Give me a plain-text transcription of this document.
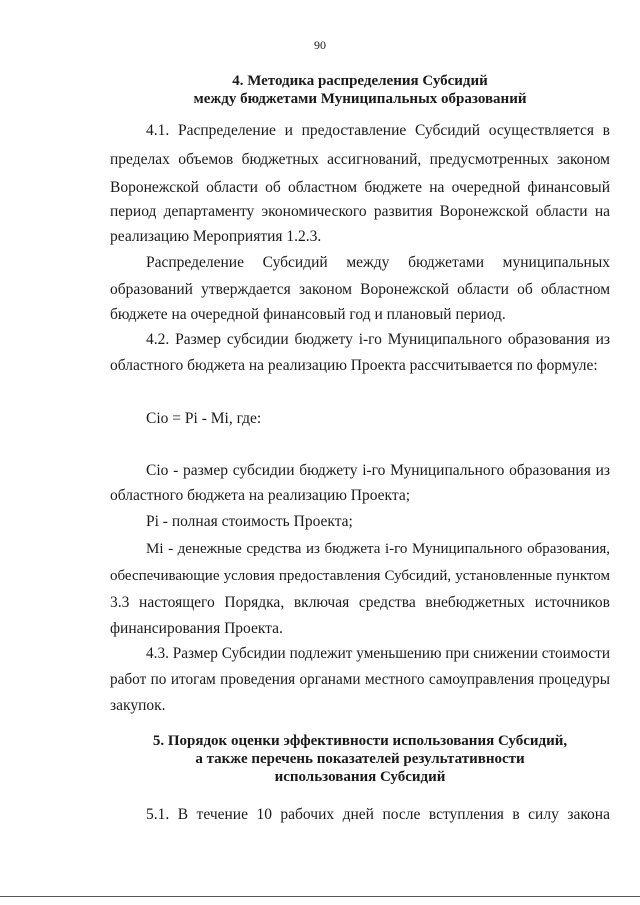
90
4. Методика распределения Субсидий
между бюджетами Муниципальных образований
4.1. Распределение и предоставление Субсидий осуществляется в
пределах объемов бюджетных ассигнований, предусмотренных законом
Воронежской области об областном бюджете на очередной финансовый
период департаменту экономического развития Воронежской области на
реализацию Мероприятия 1.2.3.
Распределение Субсидий между бюджетами муниципальных
образований утверждается законом Воронежской области об областном
бюджете на очередной финансовый год и плановый период.
4.2. Размер субсидии бюджету i-го Муниципального образования из
областного бюджета на реализацию Проекта рассчитывается по формуле:
Сio = Pi - Mi, где:
Cio - размер субсидии бюджету i-го Муниципального образования из
областного бюджета на реализацию Проекта;
Pi - полная стоимость Проекта;
Mi - денежные средства из бюджета i-го Муниципального образования,
обеспечивающие условия предоставления Субсидий, установленные пунктом
3.3 настоящего Порядка, включая средства внебюджетных источников
финансирования Проекта.
4.3. Размер Субсидии подлежит уменьшению при снижении стоимости
работ по итогам проведения органами местного самоуправления процедуры
закупок.
5. Порядок оценки эффективности использования Субсидий,
а также перечень показателей результативности
использования Субсидий
5.1. В течение 10 рабочих дней после вступления в силу закона
